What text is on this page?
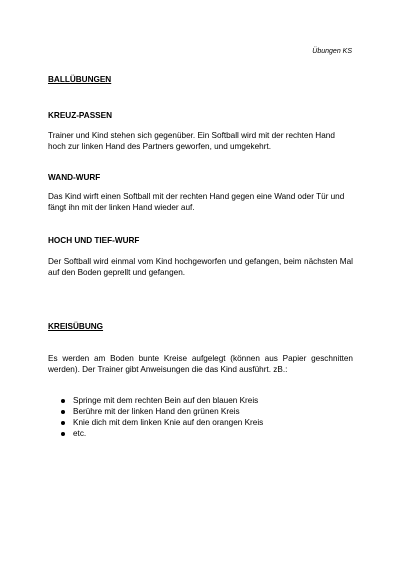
Übungen KS
BALLÜBUNGEN
KREUZ-PASSEN

Trainer und Kind stehen sich gegenüber. Ein Softball wird mit der rechten Hand hoch zur linken Hand des Partners geworfen, und umgekehrt.

WAND-WURF

Das Kind wirft einen Softball mit der rechten Hand gegen eine Wand oder Tür und fängt ihn mit der linken Hand wieder auf.

HOCH UND TIEF-WURF

Der Softball wird einmal vom Kind hochgeworfen und gefangen, beim nächsten Mal auf den Boden geprellt und gefangen.

KREISÜBUNG

Es werden am Boden bunte Kreise aufgelegt (können aus Papier geschnitten werden). Der Trainer gibt Anweisungen die das Kind ausführt. zB.:

Springe mit dem rechten Bein auf den blauen Kreis
Berühre mit der linken Hand den grünen Kreis
Knie dich mit dem linken Knie auf den orangen Kreis
etc.
